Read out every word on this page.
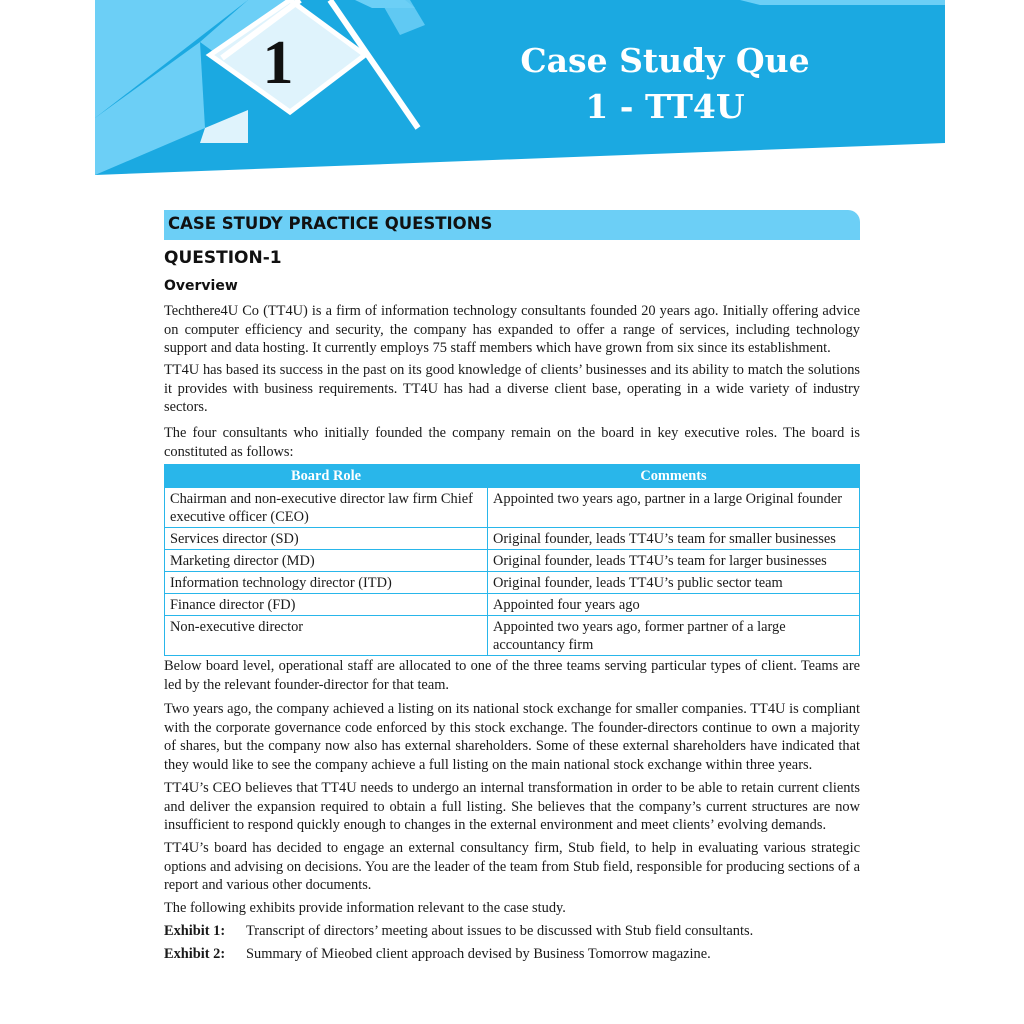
1	Case Study Que
1 - TT4U
CASE STUDY PRACTICE QUESTIONS
QUESTION-1
Overview

Techthere4U Co (TT4U) is a firm of information technology consultants founded 20 years ago. Initially offering advice on computer efficiency and security, the company has expanded to offer a range of services, including technology support and data hosting. It currently employs 75 staff members which have grown from six since its establishment.

TT4U has based its success in the past on its good knowledge of clients’ businesses and its ability to match the solutions it provides with business requirements. TT4U has had a diverse client base, operating in a wide variety of industry sectors.

The four consultants who initially founded the company remain on the board in key executive roles. The board is constituted as follows:

Board Role	Comments
Chairman and non-executive director law firm Chief executive officer (CEO)	Appointed two years ago, partner in a large Original founder
Services director (SD)	Original founder, leads TT4U’s team for smaller businesses
Marketing director (MD)	Original founder, leads TT4U’s team for larger businesses
Information technology director (ITD)	Original founder, leads TT4U’s public sector team
Finance director (FD)	Appointed four years ago
Non-executive director	Appointed two years ago, former partner of a large accountancy firm

Below board level, operational staff are allocated to one of the three teams serving particular types of client. Teams are led by the relevant founder-director for that team.

Two years ago, the company achieved a listing on its national stock exchange for smaller companies. TT4U is compliant with the corporate governance code enforced by this stock exchange. The founder-directors continue to own a majority of shares, but the company now also has external shareholders. Some of these external shareholders have indicated that they would like to see the company achieve a full listing on the main national stock exchange within three years.

TT4U’s CEO believes that TT4U needs to undergo an internal transformation in order to be able to retain current clients and deliver the expansion required to obtain a full listing. She believes that the company’s current structures are now insufficient to respond quickly enough to changes in the external environment and meet clients’ evolving demands.

TT4U’s board has decided to engage an external consultancy firm, Stub field, to help in evaluating various strategic options and advising on decisions. You are the leader of the team from Stub field, responsible for producing sections of a report and various other documents.

The following exhibits provide information relevant to the case study.

Exhibit 1: Transcript of directors’ meeting about issues to be discussed with Stub field consultants.
Exhibit 2: Summary of Mieobed client approach devised by Business Tomorrow magazine.
